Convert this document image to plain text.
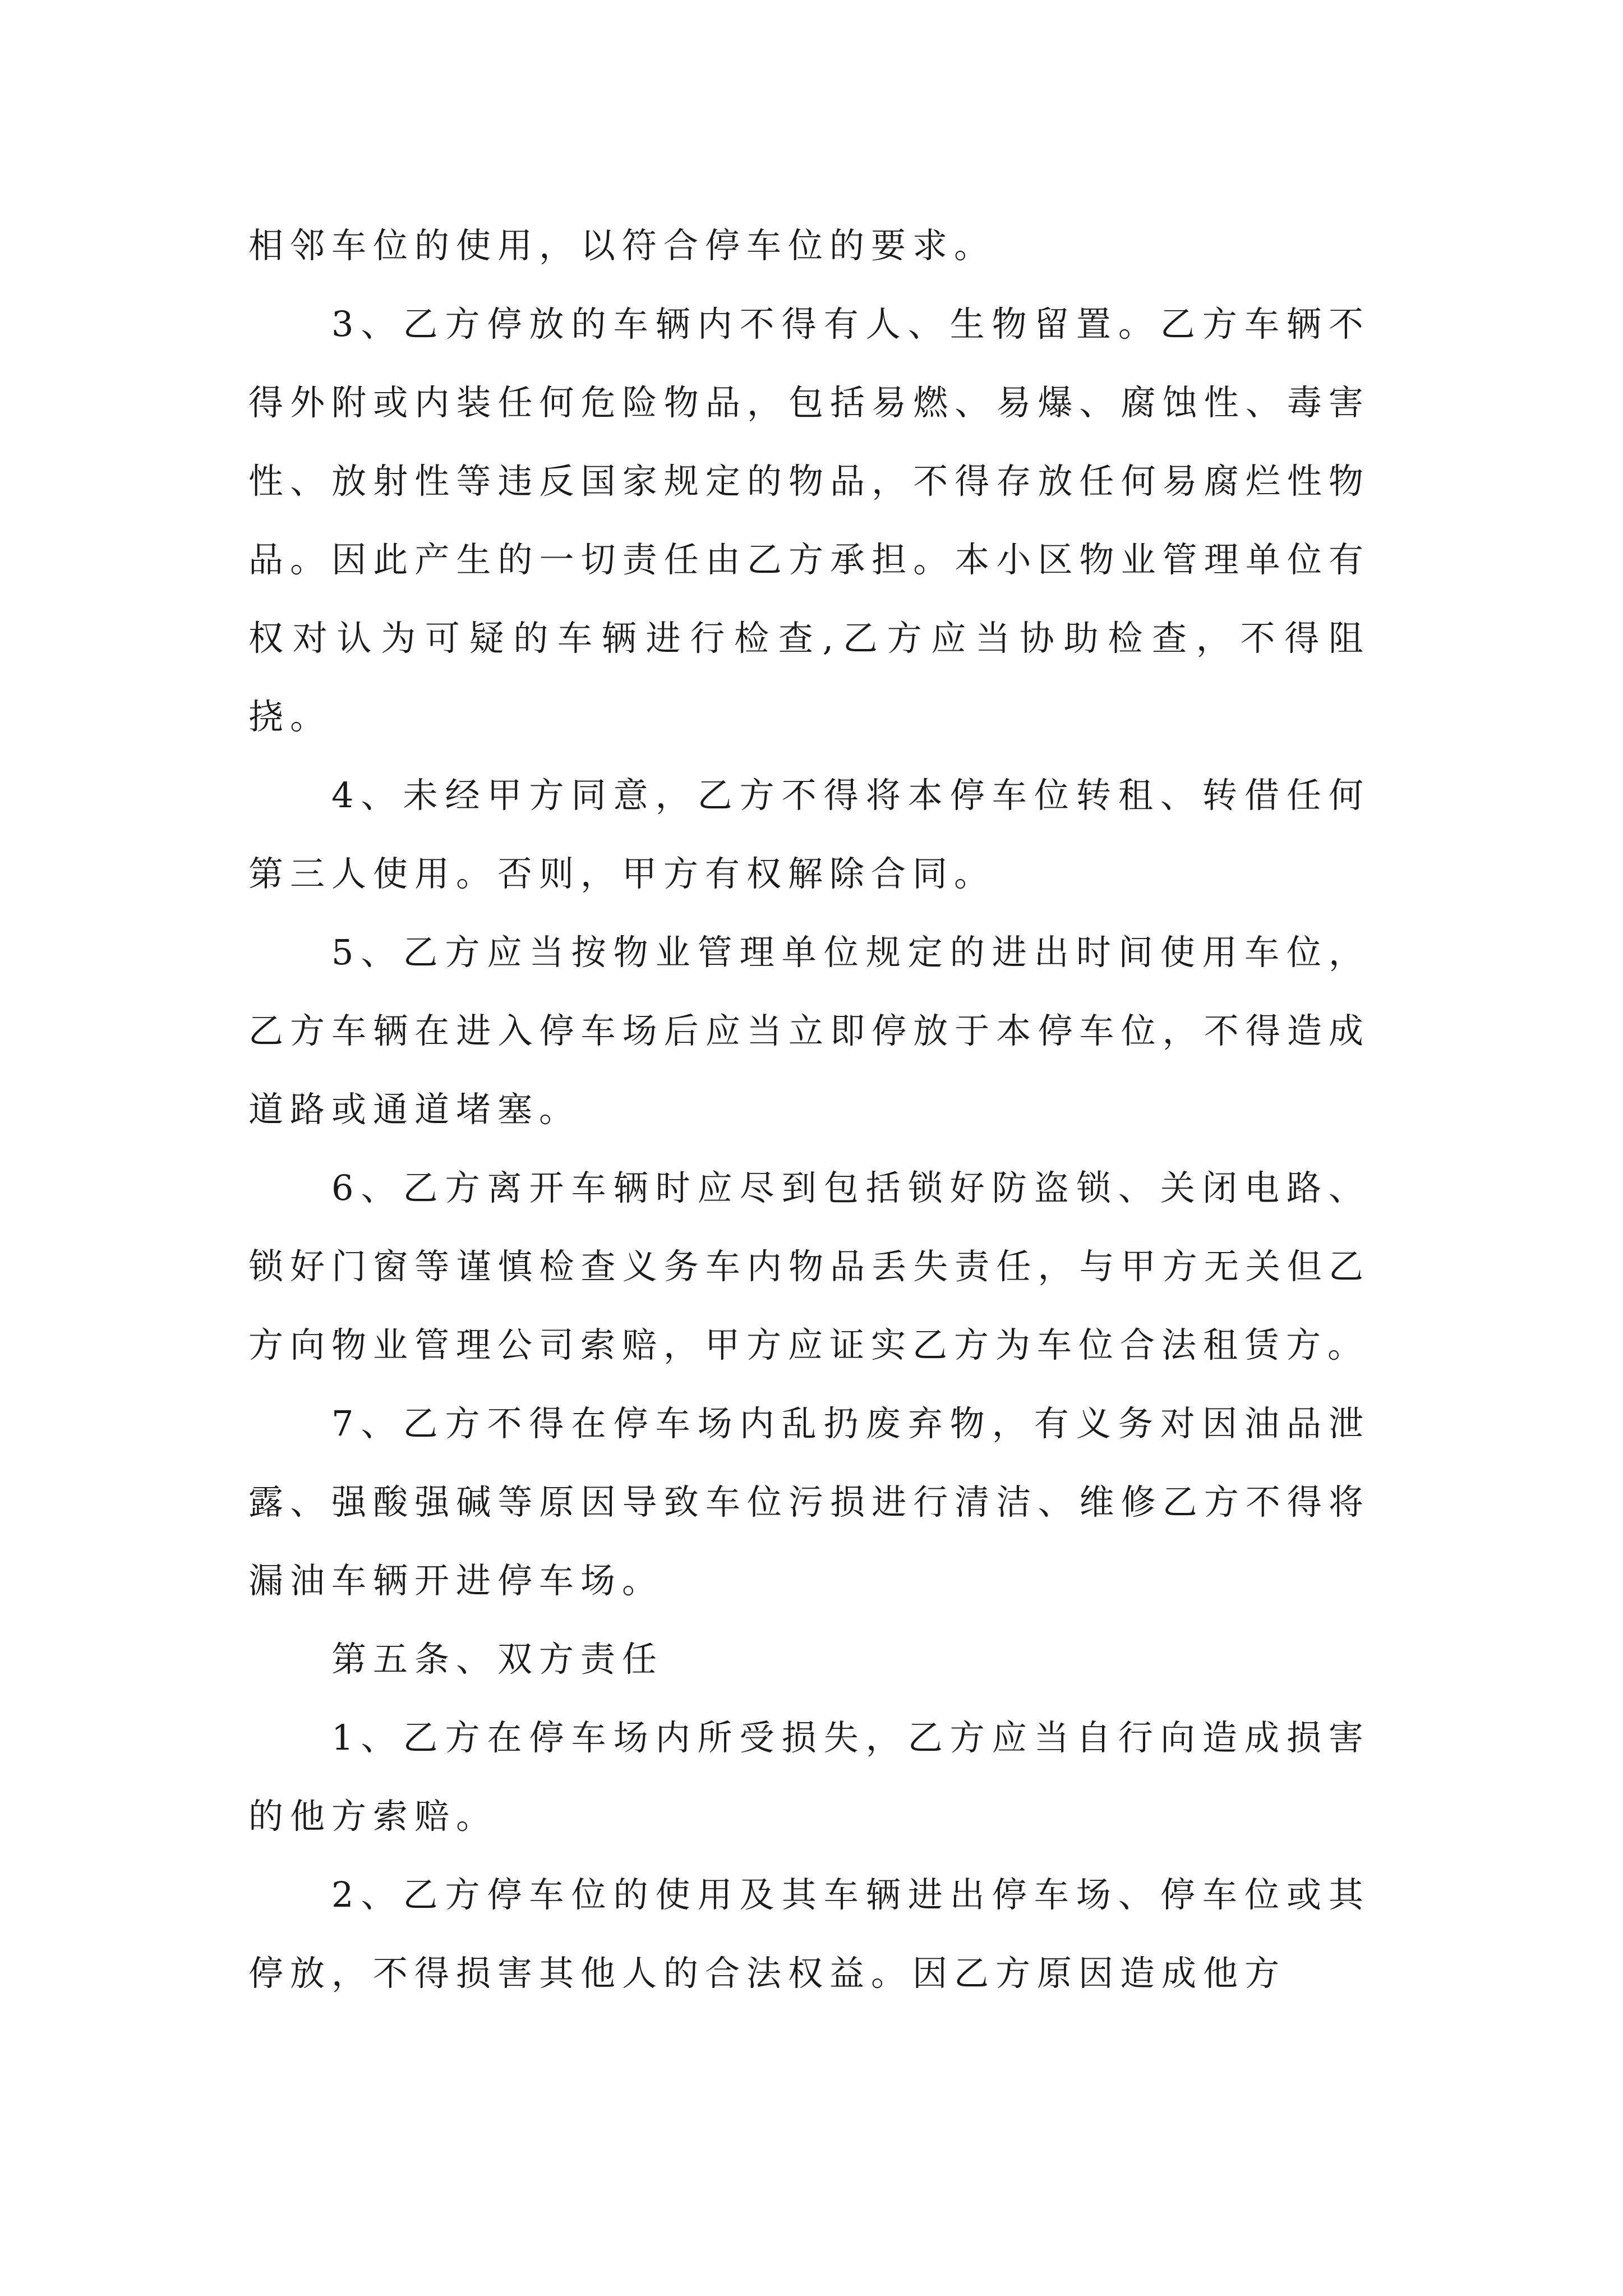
相邻车位的使用，以符合停车位的要求。

3、乙方停放的车辆内不得有人、生物留置。乙方车辆不得外附或内装任何危险物品，包括易燃、易爆、腐蚀性、毒害性、放射性等违反国家规定的物品，不得存放任何易腐烂性物品。因此产生的一切责任由乙方承担。本小区物业管理单位有权对认为可疑的车辆进行检查,乙方应当协助检查，不得阻挠。

4、未经甲方同意，乙方不得将本停车位转租、转借任何第三人使用。否则，甲方有权解除合同。

5、乙方应当按物业管理单位规定的进出时间使用车位，乙方车辆在进入停车场后应当立即停放于本停车位，不得造成道路或通道堵塞。

6、乙方离开车辆时应尽到包括锁好防盗锁、关闭电路、锁好门窗等谨慎检查义务车内物品丢失责任，与甲方无关但乙方向物业管理公司索赔，甲方应证实乙方为车位合法租赁方。

7、乙方不得在停车场内乱扔废弃物，有义务对因油品泄露、强酸强碱等原因导致车位污损进行清洁、维修乙方不得将漏油车辆开进停车场。

第五条、双方责任

1、乙方在停车场内所受损失，乙方应当自行向造成损害的他方索赔。

2、乙方停车位的使用及其车辆进出停车场、停车位或其停放，不得损害其他人的合法权益。因乙方原因造成他方
